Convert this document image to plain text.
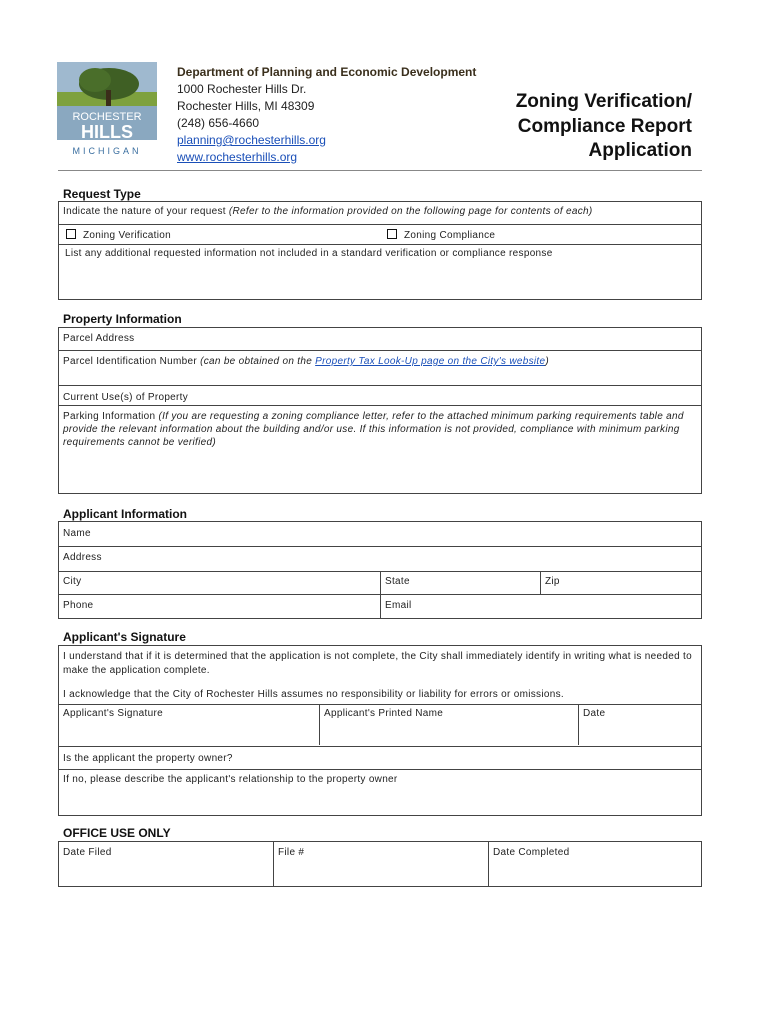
ROCHESTER
HILLS
MICHIGAN
Department of Planning and Economic Development
1000 Rochester Hills Dr.
Rochester Hills, MI 48309
(248) 656-4660
planning@rochesterhills.org
www.rochesterhills.org
Zoning Verification/
Compliance Report
Application
Request Type
Indicate the nature of your request (Refer to the information provided on the following page for contents of each)
Zoning Verification	Zoning Compliance
List any additional requested information not included in a standard verification or compliance response
Property Information
Parcel Address
Parcel Identification Number (can be obtained on the Property Tax Look-Up page on the City's website)
Current Use(s) of Property
Parking Information (If you are requesting a zoning compliance letter, refer to the attached minimum parking requirements table and provide the relevant information about the building and/or use. If this information is not provided, compliance with minimum parking requirements cannot be verified)
Applicant Information
Name
Address
City	State	Zip
Phone	Email
Applicant's Signature
I understand that if it is determined that the application is not complete, the City shall immediately identify in writing what is needed to make the application complete.
I acknowledge that the City of Rochester Hills assumes no responsibility or liability for errors or omissions.
Applicant's Signature	Applicant's Printed Name	Date
Is the applicant the property owner?
If no, please describe the applicant's relationship to the property owner
OFFICE USE ONLY
Date Filed	File #	Date Completed
